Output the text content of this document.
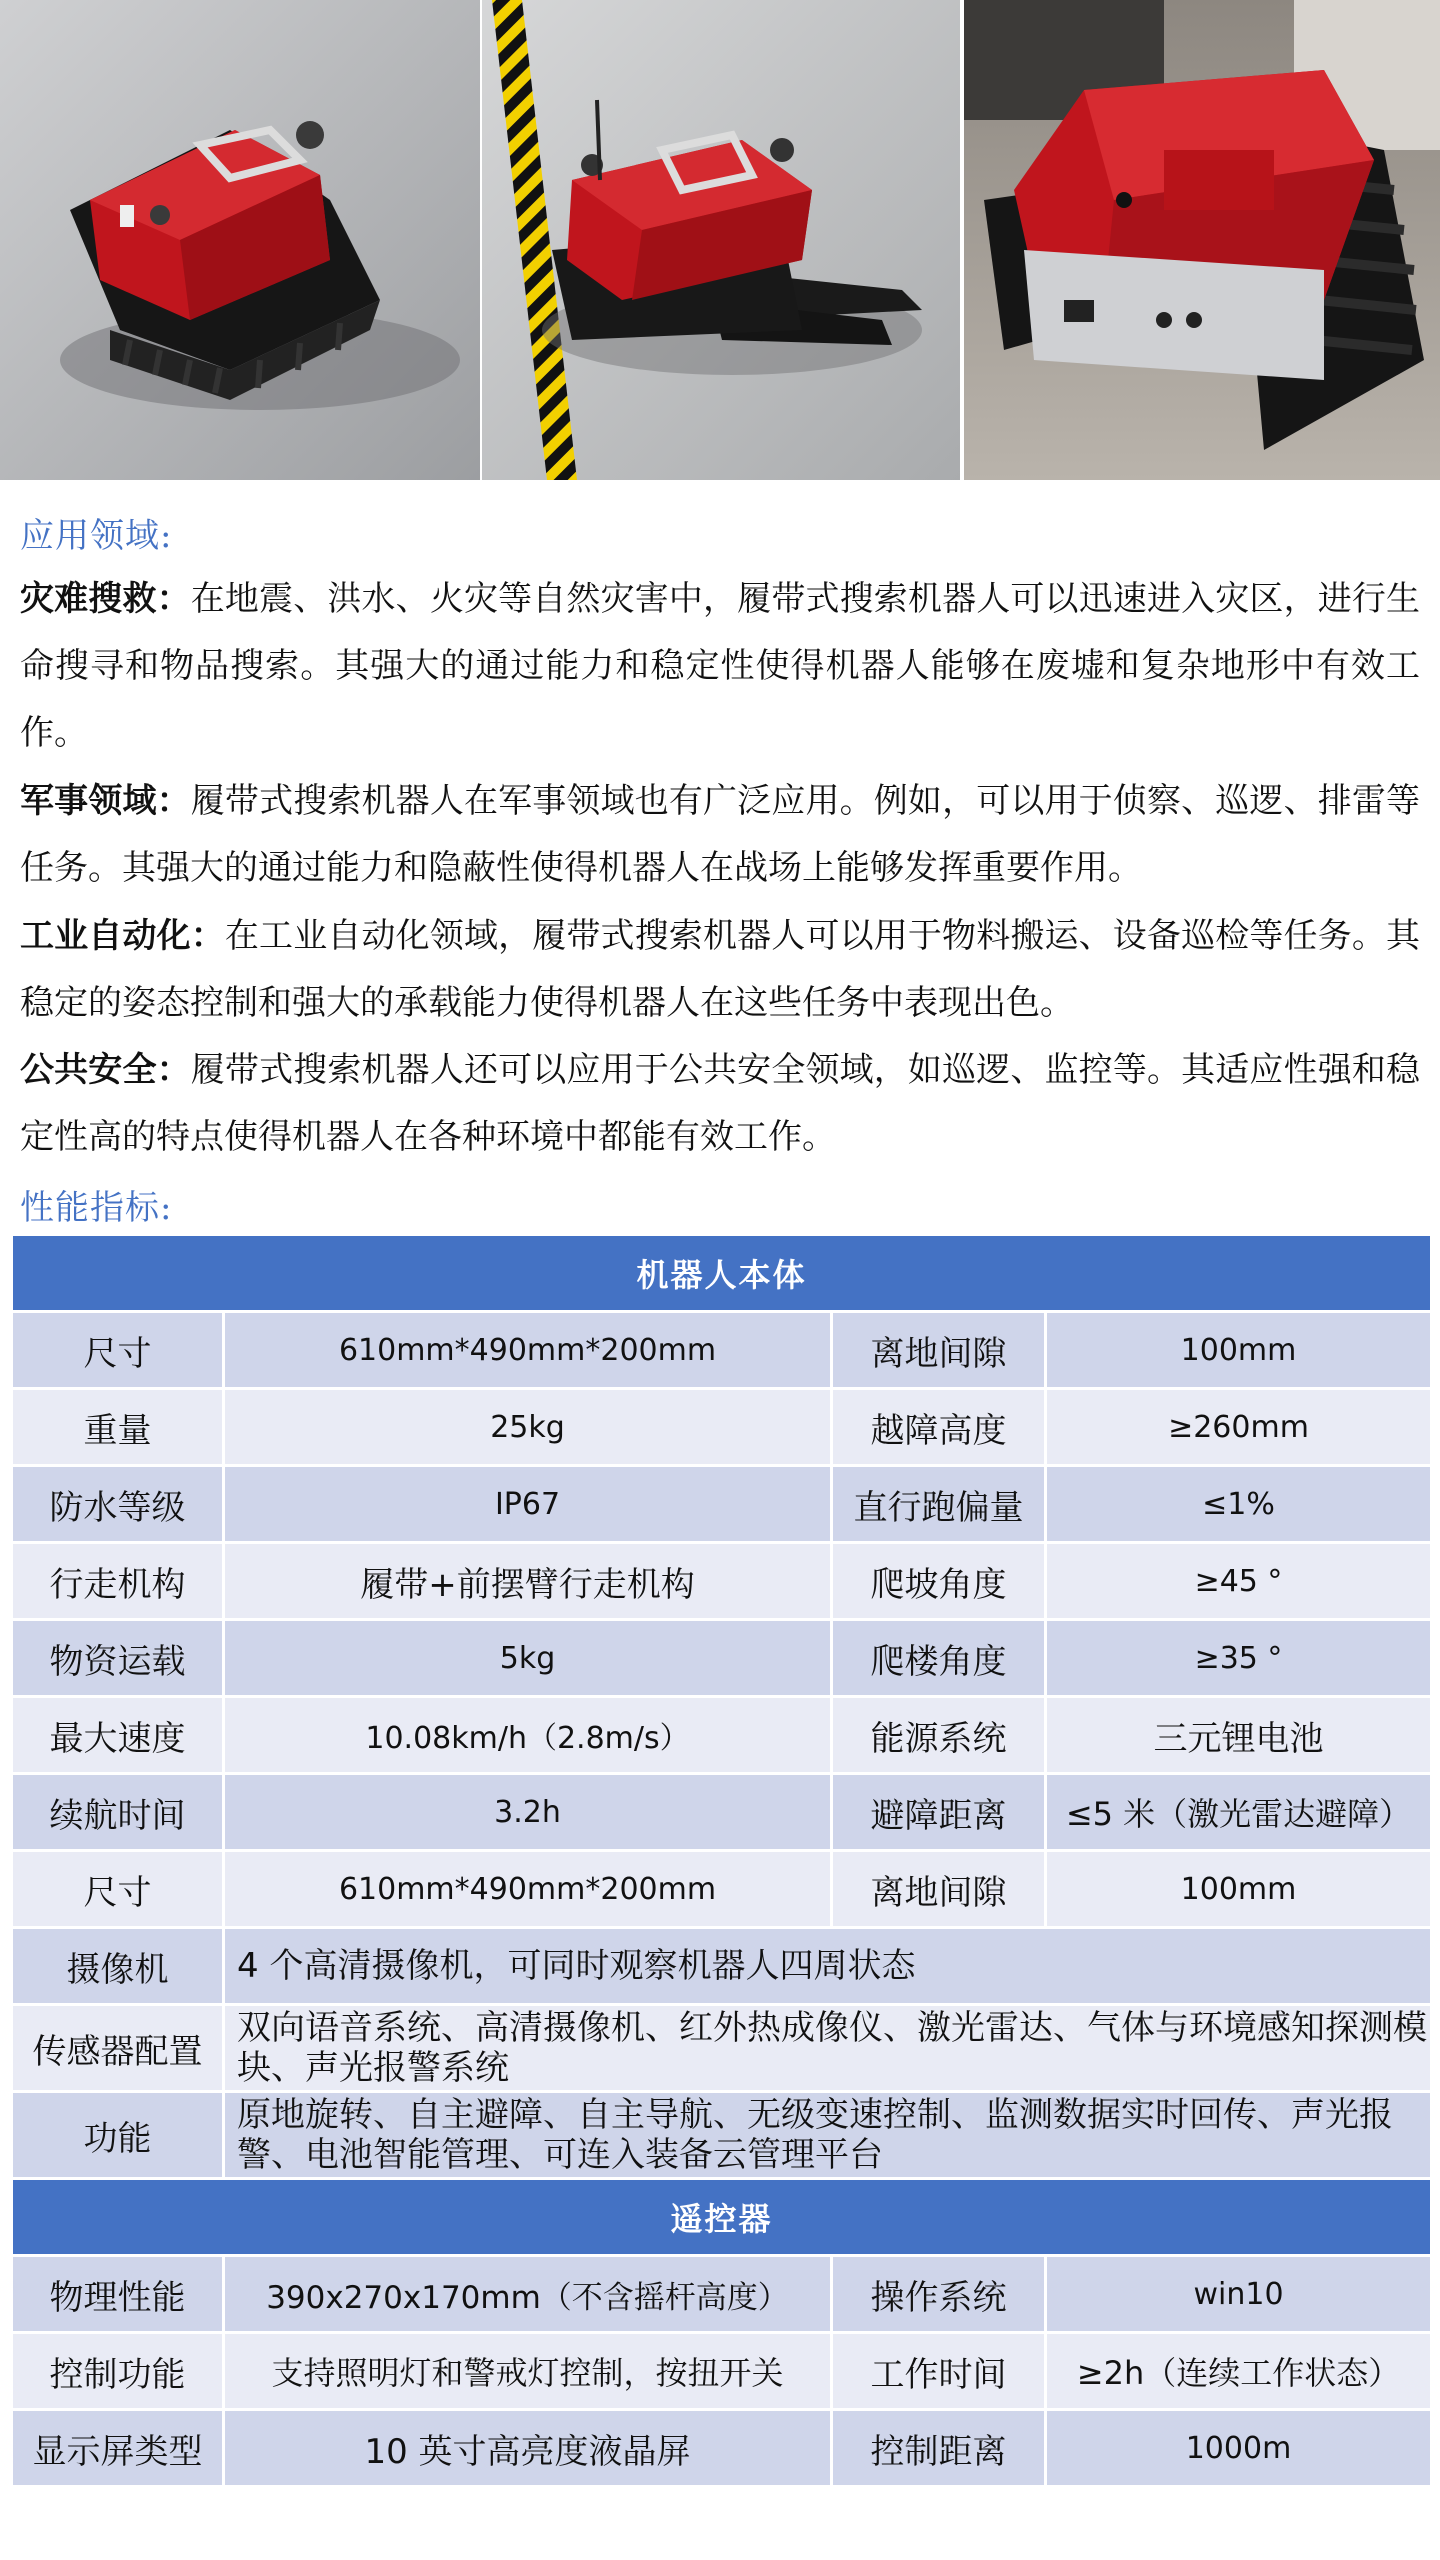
应用领域:
灾难搜救：在地震、洪水、火灾等自然灾害中，履带式搜索机器人可以迅速进入灾区，进行生命搜寻和物品搜索。其强大的通过能力和稳定性使得机器人能够在废墟和复杂地形中有效工作。
军事领域：履带式搜索机器人在军事领域也有广泛应用。例如，可以用于侦察、巡逻、排雷等任务。其强大的通过能力和隐蔽性使得机器人在战场上能够发挥重要作用。
工业自动化：在工业自动化领域，履带式搜索机器人可以用于物料搬运、设备巡检等任务。其稳定的姿态控制和强大的承载能力使得机器人在这些任务中表现出色。
公共安全：履带式搜索机器人还可以应用于公共安全领域，如巡逻、监控等。其适应性强和稳定性高的特点使得机器人在各种环境中都能有效工作。
性能指标:
机器人本体			
尺寸	610mm*490mm*200mm	离地间隙	100mm
重量	25kg	越障高度	≥260mm
防水等级	IP67	直行跑偏量	≤1%
行走机构	履带+前摆臂行走机构	爬坡角度	≥45 °
物资运载	5kg	爬楼角度	≥35 °
最大速度	10.08km/h（2.8m/s）	能源系统	三元锂电池
续航时间	3.2h	避障距离	≤5 米（激光雷达避障）
尺寸	610mm*490mm*200mm	离地间隙	100mm
摄像机	4 个高清摄像机，可同时观察机器人四周状态		
传感器配置	双向语音系统、高清摄像机、红外热成像仪、激光雷达、气体与环境感知探测模块、声光报警系统		
功能	原地旋转、自主避障、自主导航、无级变速控制、监测数据实时回传、声光报警、电池智能管理、可连入装备云管理平台		
遥控器			
物理性能	390x270x170mm（不含摇杆高度）	操作系统	win10
控制功能	支持照明灯和警戒灯控制，按扭开关	工作时间	≥2h（连续工作状态）
显示屏类型	10 英寸高亮度液晶屏	控制距离	1000m
